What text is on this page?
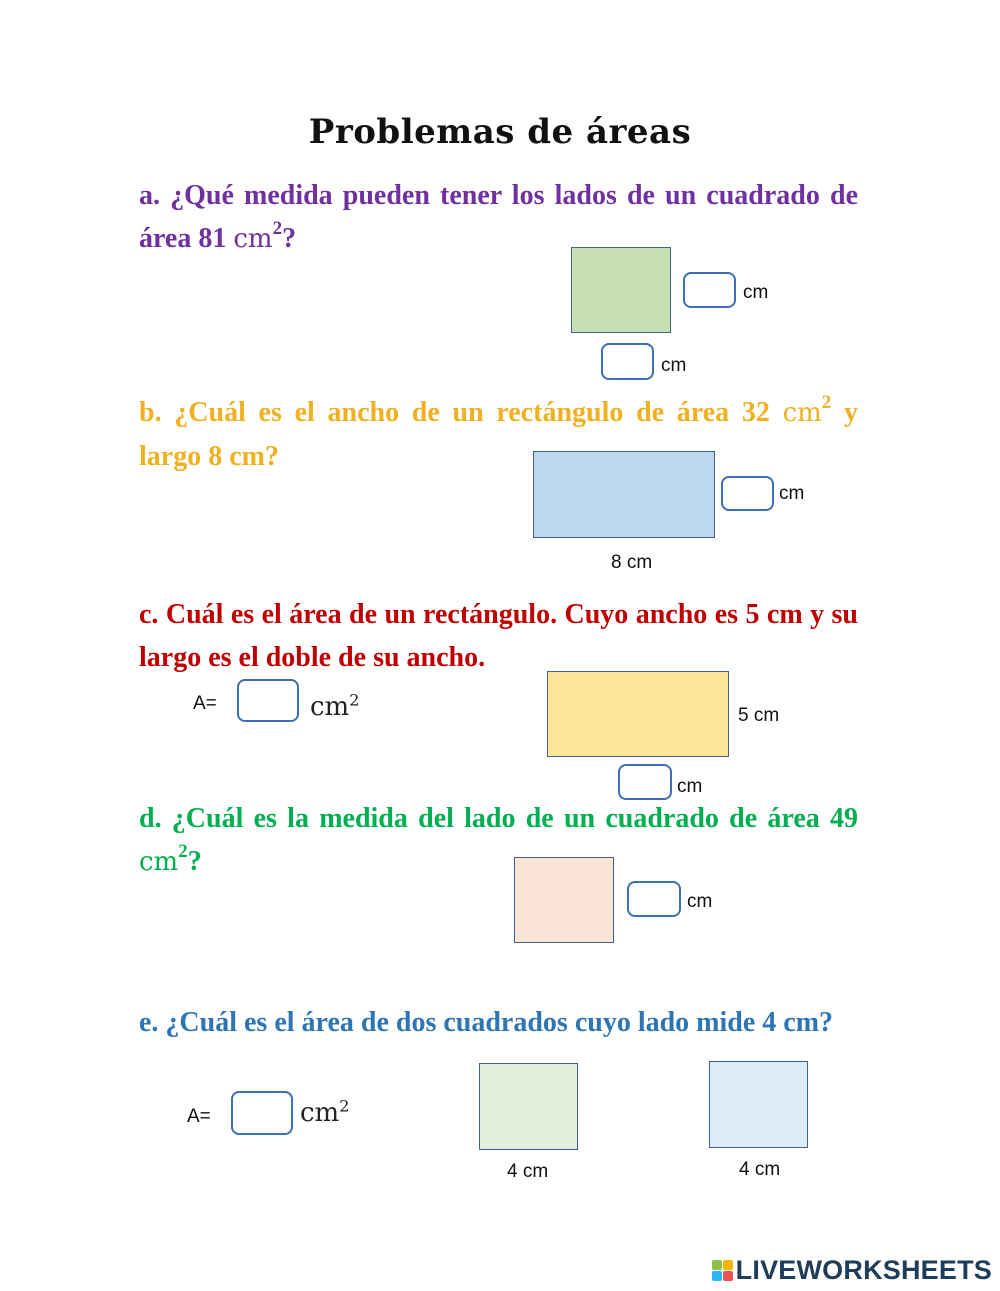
Problemas de áreas

a. ¿Qué medida pueden tener los lados de un cuadrado de área 81 $cm^2$?

cm
cm

b. ¿Cuál es el ancho de un rectángulo de área 32 $cm^2$ y largo 8 cm?

cm
8 cm

c. Cuál es el área de un rectángulo. Cuyo ancho es 5 cm y su largo es el doble de su ancho.

A=	$cm^2$
5 cm
cm

d. ¿Cuál es la medida del lado de un cuadrado de área 49 $cm^2$?

cm

e. ¿Cuál es el área de dos cuadrados cuyo lado mide 4 cm?

A=	$cm^2$
4 cm	4 cm
LIVEWORKSHEETS
